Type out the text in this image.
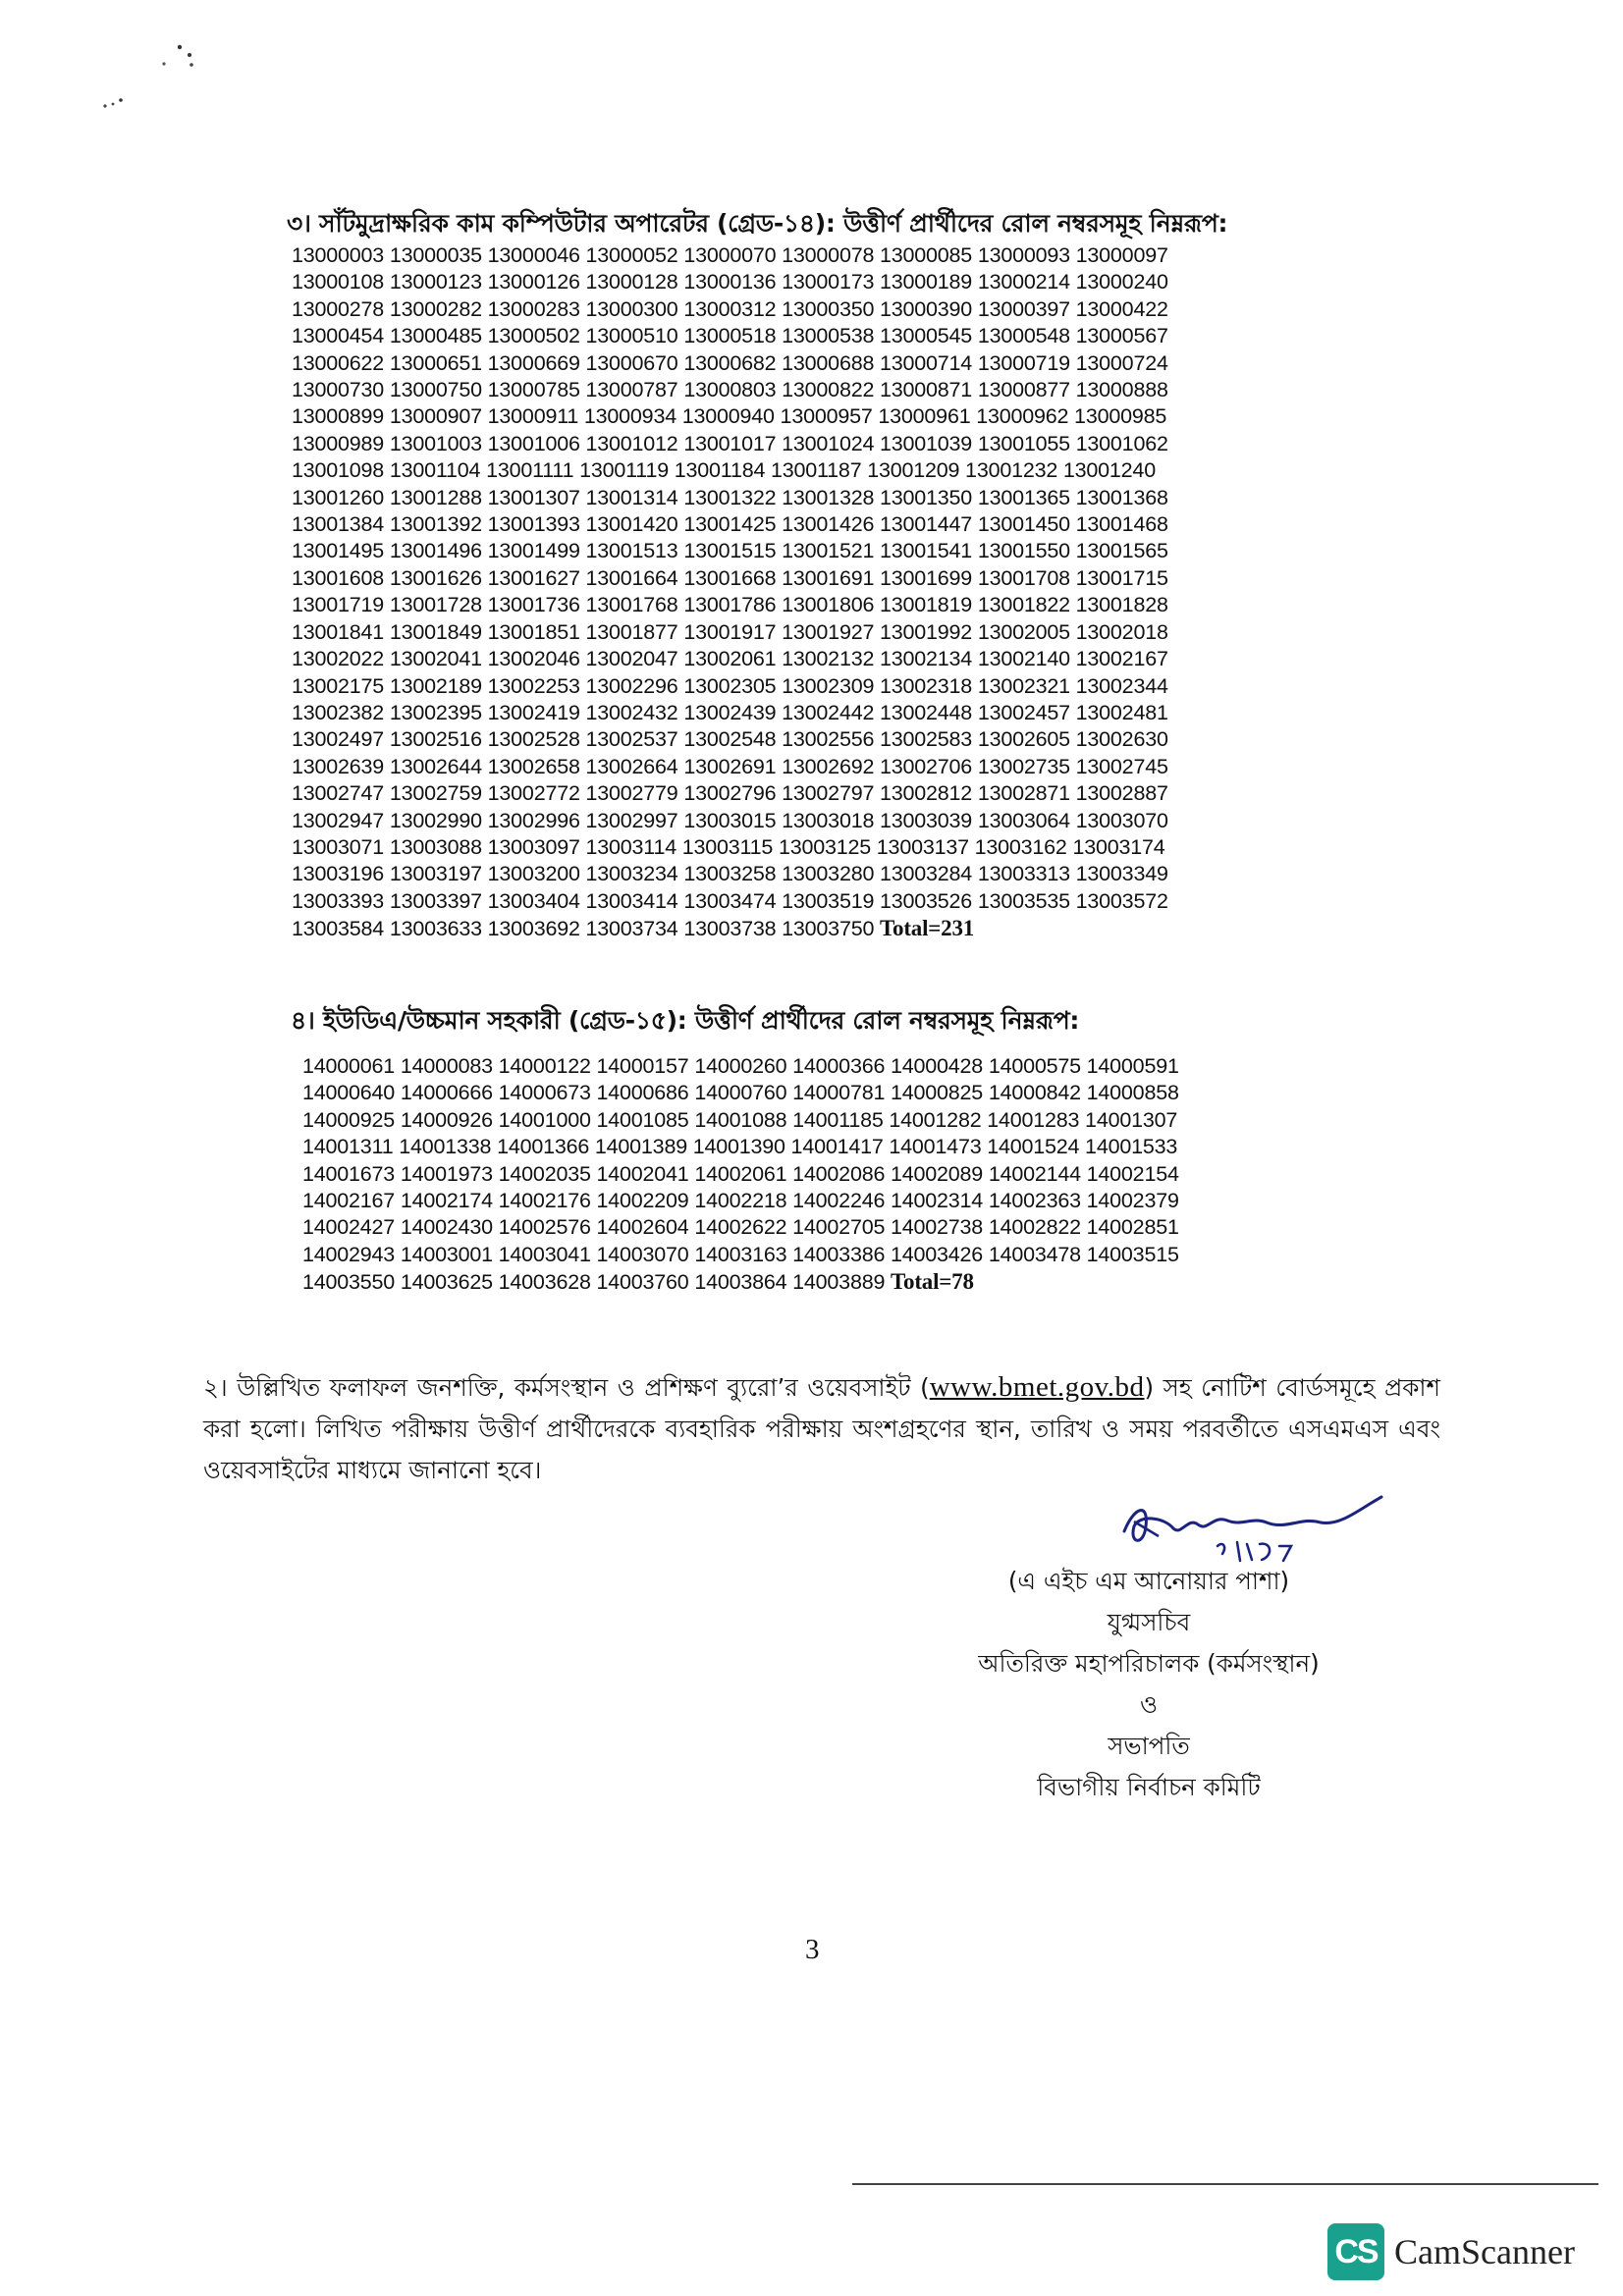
৩। সাঁটমুদ্রাক্ষরিক কাম কম্পিউটার অপারেটর (গ্রেড-১৪): উত্তীর্ণ প্রার্থীদের রোল নম্বরসমূহ নিম্নরূপ:
13000003 13000035 13000046 13000052 13000070 13000078 13000085 13000093 13000097
13000108 13000123 13000126 13000128 13000136 13000173 13000189 13000214 13000240
13000278 13000282 13000283 13000300 13000312 13000350 13000390 13000397 13000422
13000454 13000485 13000502 13000510 13000518 13000538 13000545 13000548 13000567
13000622 13000651 13000669 13000670 13000682 13000688 13000714 13000719 13000724
13000730 13000750 13000785 13000787 13000803 13000822 13000871 13000877 13000888
13000899 13000907 13000911 13000934 13000940 13000957 13000961 13000962 13000985
13000989 13001003 13001006 13001012 13001017 13001024 13001039 13001055 13001062
13001098 13001104 13001111 13001119 13001184 13001187 13001209 13001232 13001240
13001260 13001288 13001307 13001314 13001322 13001328 13001350 13001365 13001368
13001384 13001392 13001393 13001420 13001425 13001426 13001447 13001450 13001468
13001495 13001496 13001499 13001513 13001515 13001521 13001541 13001550 13001565
13001608 13001626 13001627 13001664 13001668 13001691 13001699 13001708 13001715
13001719 13001728 13001736 13001768 13001786 13001806 13001819 13001822 13001828
13001841 13001849 13001851 13001877 13001917 13001927 13001992 13002005 13002018
13002022 13002041 13002046 13002047 13002061 13002132 13002134 13002140 13002167
13002175 13002189 13002253 13002296 13002305 13002309 13002318 13002321 13002344
13002382 13002395 13002419 13002432 13002439 13002442 13002448 13002457 13002481
13002497 13002516 13002528 13002537 13002548 13002556 13002583 13002605 13002630
13002639 13002644 13002658 13002664 13002691 13002692 13002706 13002735 13002745
13002747 13002759 13002772 13002779 13002796 13002797 13002812 13002871 13002887
13002947 13002990 13002996 13002997 13003015 13003018 13003039 13003064 13003070
13003071 13003088 13003097 13003114 13003115 13003125 13003137 13003162 13003174
13003196 13003197 13003200 13003234 13003258 13003280 13003284 13003313 13003349
13003393 13003397 13003404 13003414 13003474 13003519 13003526 13003535 13003572
13003584 13003633 13003692 13003734 13003738 13003750 Total=231
৪। ইউডিএ/উচ্চমান সহকারী (গ্রেড-১৫): উত্তীর্ণ প্রার্থীদের রোল নম্বরসমূহ নিম্নরূপ:
14000061 14000083 14000122 14000157 14000260 14000366 14000428 14000575 14000591
14000640 14000666 14000673 14000686 14000760 14000781 14000825 14000842 14000858
14000925 14000926 14001000 14001085 14001088 14001185 14001282 14001283 14001307
14001311 14001338 14001366 14001389 14001390 14001417 14001473 14001524 14001533
14001673 14001973 14002035 14002041 14002061 14002086 14002089 14002144 14002154
14002167 14002174 14002176 14002209 14002218 14002246 14002314 14002363 14002379
14002427 14002430 14002576 14002604 14002622 14002705 14002738 14002822 14002851
14002943 14003001 14003041 14003070 14003163 14003386 14003426 14003478 14003515
14003550 14003625 14003628 14003760 14003864 14003889 Total=78
২। উল্লিখিত ফলাফল জনশক্তি, কর্মসংস্থান ও প্রশিক্ষণ ব্যুরো’র ওয়েবসাইট (www.bmet.gov.bd) সহ নোটিশ বোর্ডসমূহে প্রকাশ করা হলো। লিখিত পরীক্ষায় উত্তীর্ণ প্রার্থীদেরকে ব্যবহারিক পরীক্ষায় অংশগ্রহণের স্থান, তারিখ ও সময় পরবর্তীতে এসএমএস এবং ওয়েবসাইটের মাধ্যমে জানানো হবে।
(এ এইচ এম আনোয়ার পাশা)
যুগ্মসচিব
অতিরিক্ত মহাপরিচালক (কর্মসংস্থান)
ও
সভাপতি
বিভাগীয় নির্বাচন কমিটি
3
CS CamScanner
